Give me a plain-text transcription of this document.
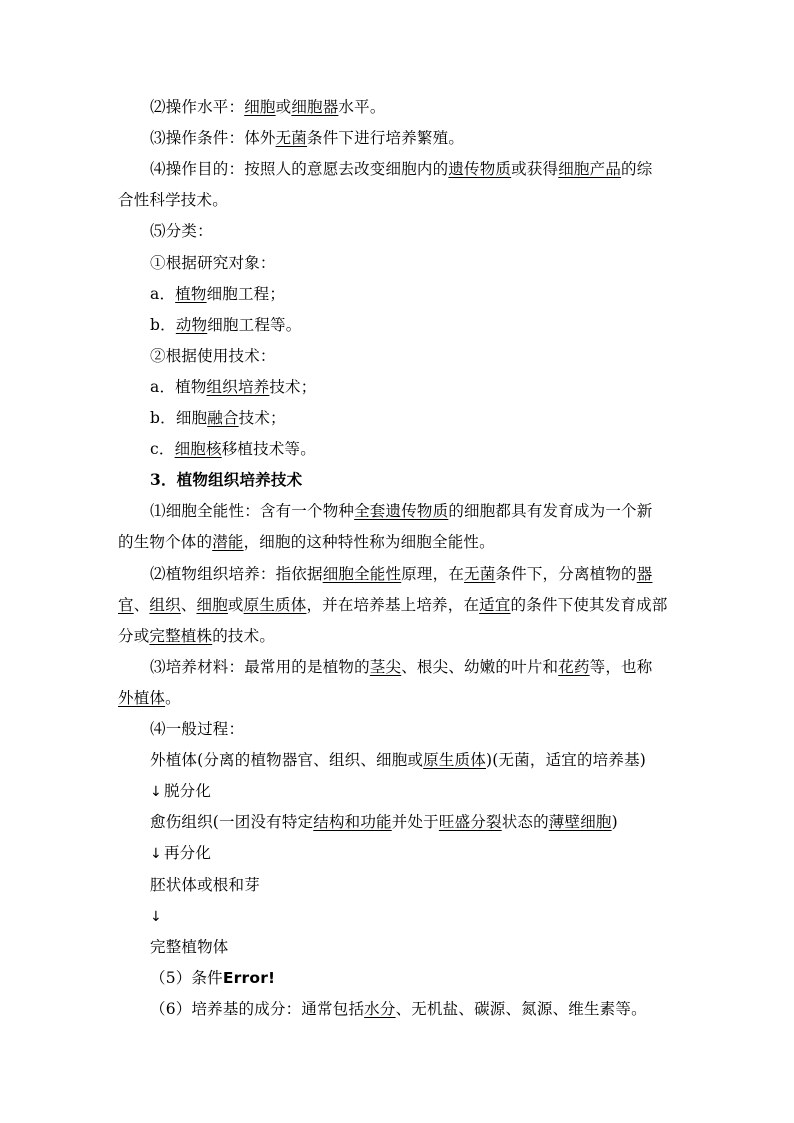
⑵操作水平：细胞或细胞器水平。
⑶操作条件：体外无菌条件下进行培养繁殖。
⑷操作目的：按照人的意愿去改变细胞内的遗传物质或获得细胞产品的综
合性科学技术。
⑸分类：
①根据研究对象：
a．植物细胞工程；
b．动物细胞工程等。
②根据使用技术：
a．植物组织培养技术；
b．细胞融合技术；
c．细胞核移植技术等。
3．植物组织培养技术
⑴细胞全能性：含有一个物种全套遗传物质的细胞都具有发育成为一个新
的生物个体的潜能，细胞的这种特性称为细胞全能性。
⑵植物组织培养：指依据细胞全能性原理，在无菌条件下，分离植物的器
官、组织、细胞或原生质体，并在培养基上培养，在适宜的条件下使其发育成部
分或完整植株的技术。
⑶培养材料：最常用的是植物的茎尖、根尖、幼嫩的叶片和花药等，也称
外植体。
⑷一般过程：
外植体(分离的植物器官、组织、细胞或原生质体)(无菌，适宜的培养基)
↓ 脱分化
愈伤组织(一团没有特定结构和功能并处于旺盛分裂状态的薄壁细胞)
↓ 再分化
胚状体或根和芽
↓
完整植物体
（5）条件Error!
（6）培养基的成分：通常包括水分、无机盐、碳源、氮源、维生素等。
